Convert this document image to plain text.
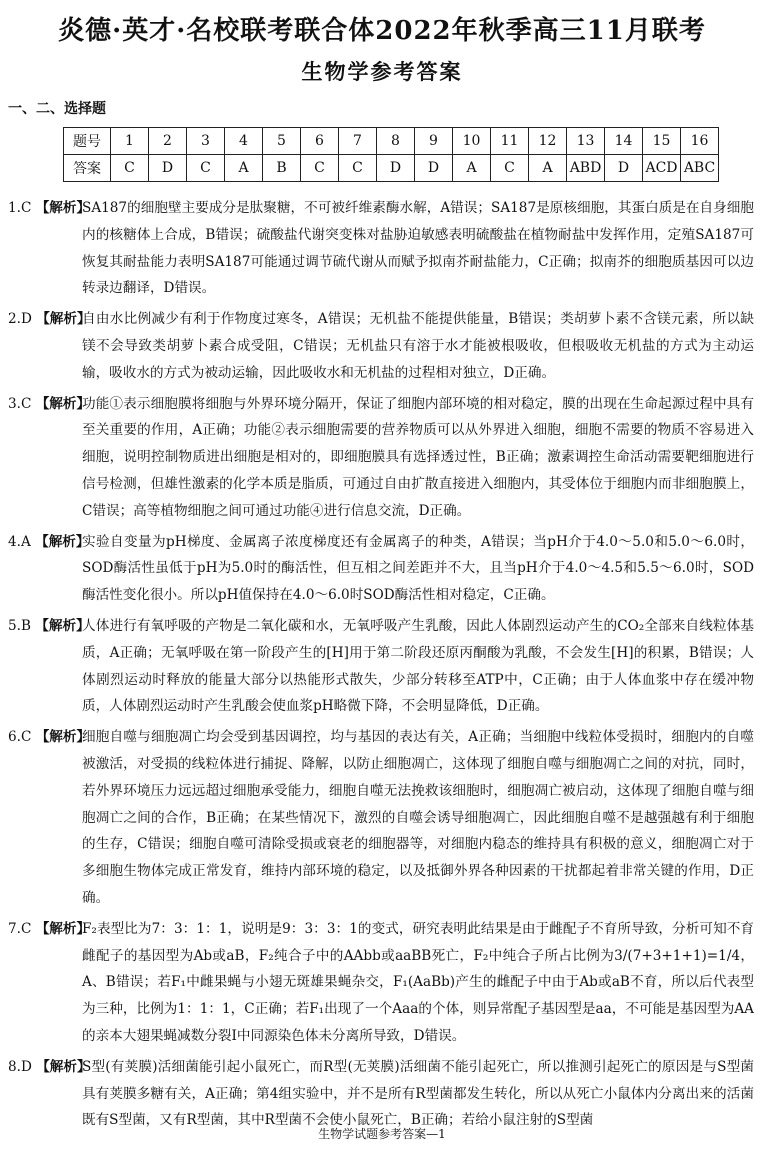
炎德·英才·名校联考联合体2022年秋季高三11月联考
生物学参考答案
一、二、选择题
题号	1	2	3	4	5	6	7	8	9	10	11	12	13	14	15	16
答案	C	D	C	A	B	C	C	D	D	A	C	A	ABD	D	ACD	ABC
1.C 【解析】
SA187的细胞壁主要成分是肽聚糖，不可被纤维素酶水解，A错误；SA187是原核细胞，其蛋白质是在自身细胞内的核糖体上合成，B错误；硫酸盐代谢突变株对盐胁迫敏感表明硫酸盐在植物耐盐中发挥作用，定殖SA187可恢复其耐盐能力表明SA187可能通过调节硫代谢从而赋予拟南芥耐盐能力，C正确；拟南芥的细胞质基因可以边转录边翻译，D错误。
2.D 【解析】
自由水比例减少有利于作物度过寒冬，A错误；无机盐不能提供能量，B错误；类胡萝卜素不含镁元素，所以缺镁不会导致类胡萝卜素合成受阻，C错误；无机盐只有溶于水才能被根吸收，但根吸收无机盐的方式为主动运输，吸收水的方式为被动运输，因此吸收水和无机盐的过程相对独立，D正确。
3.C 【解析】
功能①表示细胞膜将细胞与外界环境分隔开，保证了细胞内部环境的相对稳定，膜的出现在生命起源过程中具有至关重要的作用，A正确；功能②表示细胞需要的营养物质可以从外界进入细胞，细胞不需要的物质不容易进入细胞，说明控制物质进出细胞是相对的，即细胞膜具有选择透过性，B正确；激素调控生命活动需要靶细胞进行信号检测，但雄性激素的化学本质是脂质，可通过自由扩散直接进入细胞内，其受体位于细胞内而非细胞膜上，C错误；高等植物细胞之间可通过功能④进行信息交流，D正确。
4.A 【解析】
实验自变量为pH梯度、金属离子浓度梯度还有金属离子的种类，A错误；当pH介于4.0～5.0和5.0～6.0时，SOD酶活性虽低于pH为5.0时的酶活性，但互相之间差距并不大，且当pH介于4.0～4.5和5.5～6.0时，SOD酶活性变化很小。所以pH值保持在4.0～6.0时SOD酶活性相对稳定，C正确。
5.B 【解析】
人体进行有氧呼吸的产物是二氧化碳和水，无氧呼吸产生乳酸，因此人体剧烈运动产生的CO₂全部来自线粒体基质，A正确；无氧呼吸在第一阶段产生的[H]用于第二阶段还原丙酮酸为乳酸，不会发生[H]的积累，B错误；人体剧烈运动时释放的能量大部分以热能形式散失，少部分转移至ATP中，C正确；由于人体血浆中存在缓冲物质，人体剧烈运动时产生乳酸会使血浆pH略微下降，不会明显降低，D正确。
6.C 【解析】
细胞自噬与细胞凋亡均会受到基因调控，均与基因的表达有关，A正确；当细胞中线粒体受损时，细胞内的自噬被激活，对受损的线粒体进行捕捉、降解，以防止细胞凋亡，这体现了细胞自噬与细胞凋亡之间的对抗，同时，若外界环境压力远远超过细胞承受能力，细胞自噬无法挽救该细胞时，细胞凋亡被启动，这体现了细胞自噬与细胞凋亡之间的合作，B正确；在某些情况下，激烈的自噬会诱导细胞凋亡，因此细胞自噬不是越强越有利于细胞的生存，C错误；细胞自噬可清除受损或衰老的细胞器等，对细胞内稳态的维持具有积极的意义，细胞凋亡对于多细胞生物体完成正常发育，维持内部环境的稳定，以及抵御外界各种因素的干扰都起着非常关键的作用，D正确。
7.C 【解析】
F₂表型比为7：3：1：1，说明是9：3：3：1的变式，研究表明此结果是由于雌配子不育所导致，分析可知不育雌配子的基因型为Ab或aB，F₂纯合子中的AAbb或aaBB死亡，F₂中纯合子所占比例为3/(7+3+1+1)=1/4，A、B错误；若F₁中雌果蝇与小翅无斑雄果蝇杂交，F₁(AaBb)产生的雌配子中由于Ab或aB不育，所以后代表型为三种，比例为1：1：1，C正确；若F₁出现了一个Aaa的个体，则异常配子基因型是aa，不可能是基因型为AA的亲本大翅果蝇减数分裂Ⅰ中同源染色体未分离所导致，D错误。
8.D 【解析】
S型(有荚膜)活细菌能引起小鼠死亡，而R型(无荚膜)活细菌不能引起死亡，所以推测引起死亡的原因是与S型菌具有荚膜多糖有关，A正确；第4组实验中，并不是所有R型菌都发生转化，所以从死亡小鼠体内分离出来的活菌既有S型菌，又有R型菌，其中R型菌不会使小鼠死亡，B正确；若给小鼠注射的S型菌
生物学试题参考答案—1
